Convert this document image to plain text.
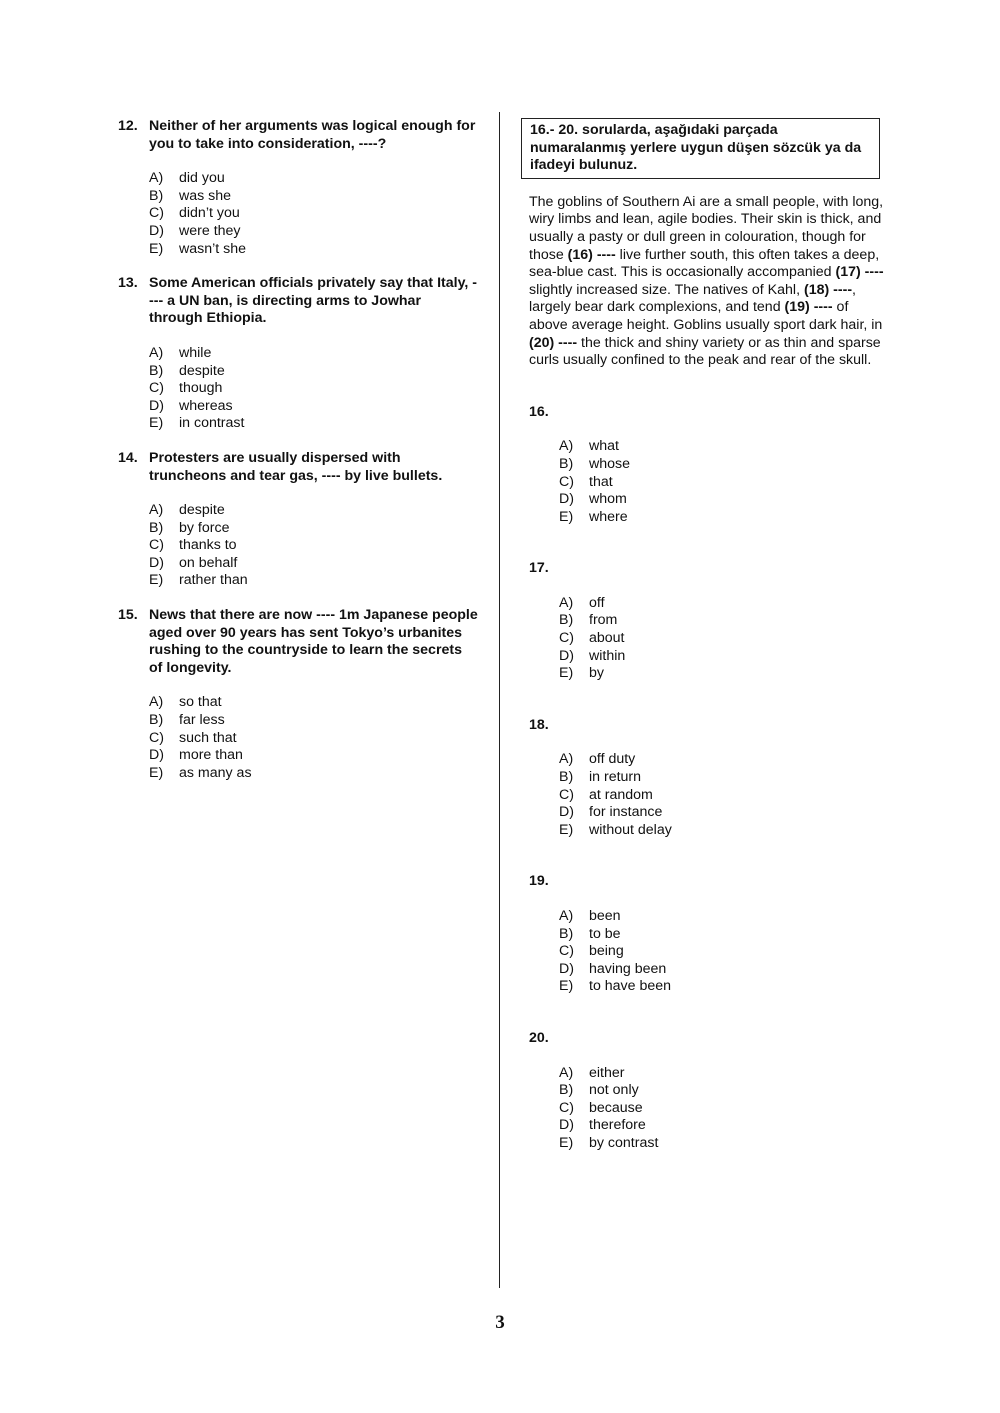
12. Neither of her arguments was logical enough for you to take into consideration, ----?
A)	did you
B)	was she
C)	didn’t you
D)	were they
E)	wasn’t she
13. Some American officials privately say that Italy, ---- a UN ban, is directing arms to Jowhar through Ethiopia.
A)	while
B)	despite
C)	though
D)	whereas
E)	in contrast
14. Protesters are usually dispersed with truncheons and tear gas, ---- by live bullets.
A)	despite
B)	by force
C)	thanks to
D)	on behalf
E)	rather than
15. News that there are now ---- 1m Japanese people aged over 90 years has sent Tokyo’s urbanites rushing to the countryside to learn the secrets of longevity.
A)	so that
B)	far less
C)	such that
D)	more than
E)	as many as
16.- 20. sorularda, aşağıdaki parçada numaralanmış yerlere uygun düşen sözcük ya da ifadeyi bulunuz.
The goblins of Southern Ai are a small people, with long, wiry limbs and lean, agile bodies. Their skin is thick, and usually a pasty or dull green in colouration, though for those (16) ---- live further south, this often takes a deep, sea-blue cast. This is occasionally accompanied (17) ---- slightly increased size. The natives of Kahl, (18) ----, largely bear dark complexions, and tend (19) ---- of above average height. Goblins usually sport dark hair, in (20) ---- the thick and shiny variety or as thin and sparse curls usually confined to the peak and rear of the skull.
16.
A)	what
B)	whose
C)	that
D)	whom
E)	where
17.
A)	off
B)	from
C)	about
D)	within
E)	by
18.
A)	off duty
B)	in return
C)	at random
D)	for instance
E)	without delay
19.
A)	been
B)	to be
C)	being
D)	having been
E)	to have been
20.
A)	either
B)	not only
C)	because
D)	therefore
E)	by contrast
3
